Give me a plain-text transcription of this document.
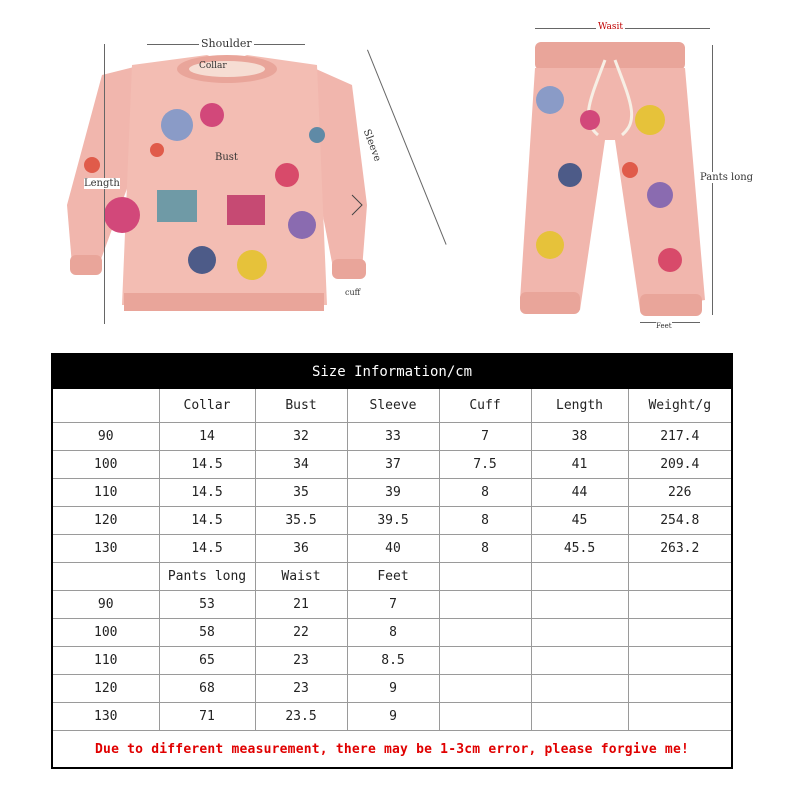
Shoulder
Collar
Bust
Length
Sleeve
cuff
Wasit
Pants long
Feet
Size Information/cm						
	Collar	Bust	Sleeve	Cuff	Length	Weight/g
90	14	32	33	7	38	217.4
100	14.5	34	37	7.5	41	209.4
110	14.5	35	39	8	44	226
120	14.5	35.5	39.5	8	45	254.8
130	14.5	36	40	8	45.5	263.2
	Pants long	Waist	Feet			
90	53	21	7			
100	58	22	8			
110	65	23	8.5			
120	68	23	9			
130	71	23.5	9			
Due to different measurement, there may be 1-3cm error, please forgive me!						
